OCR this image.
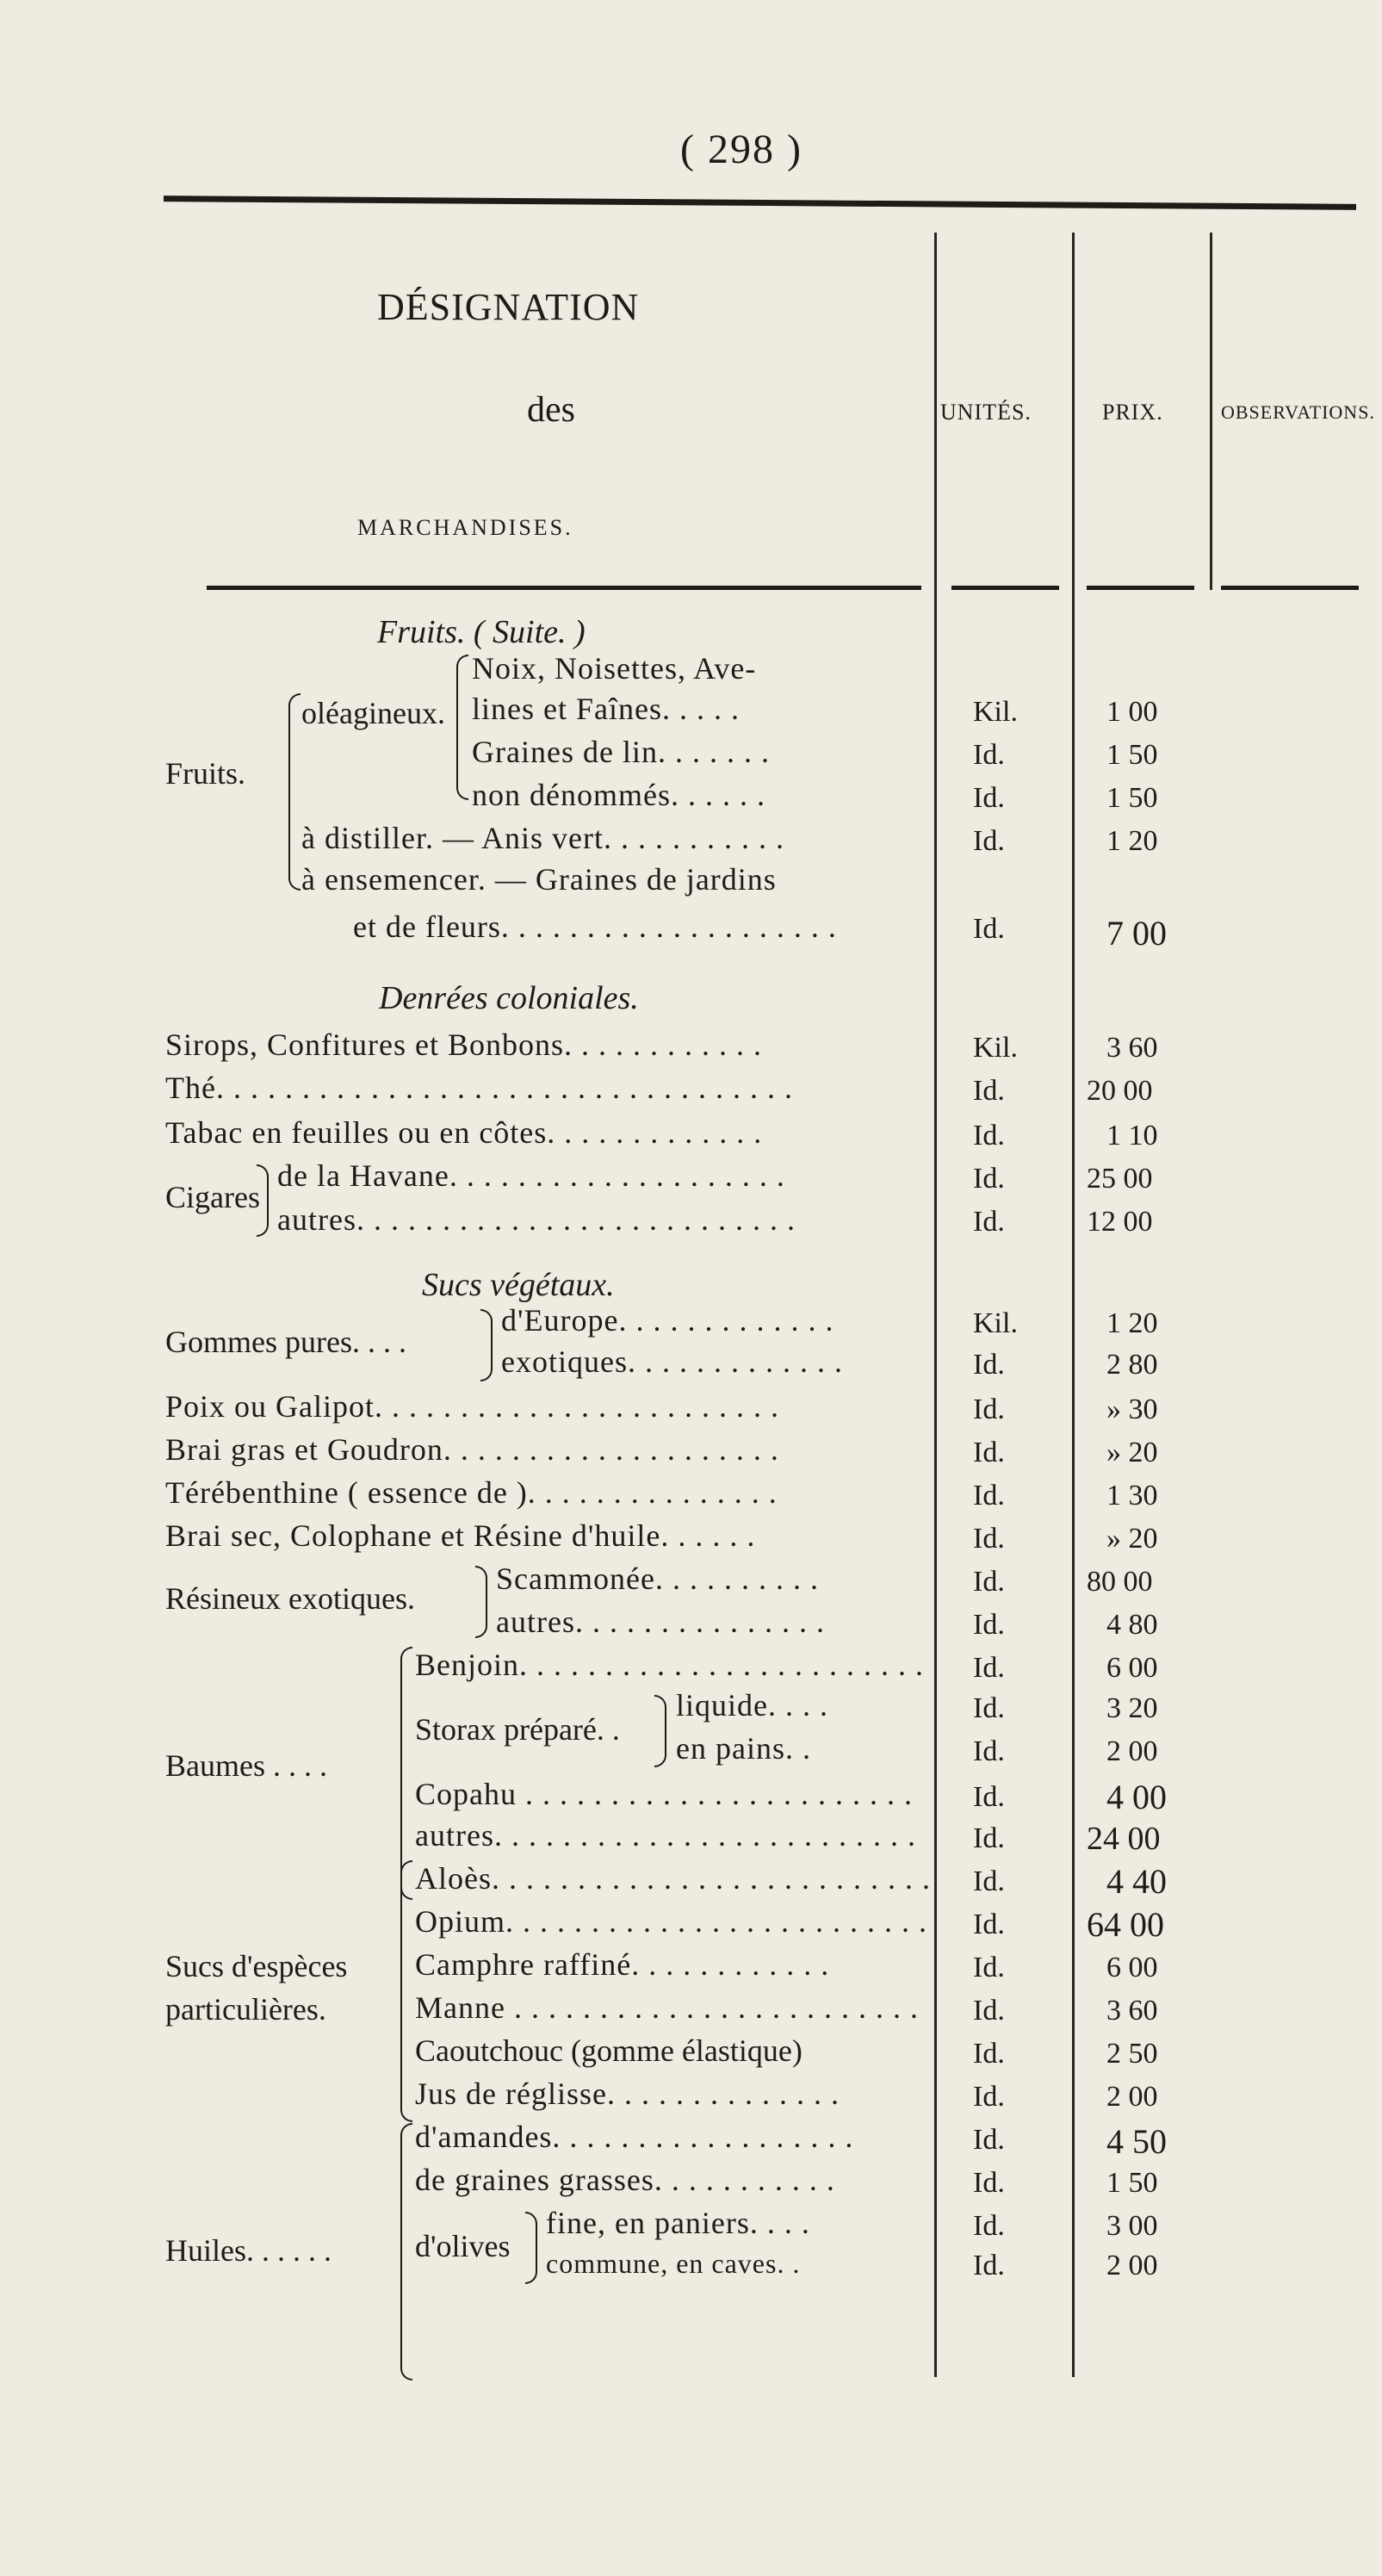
( 298 )
DÉSIGNATION
des
MARCHANDISES.
UNITÉS.	PRIX.	OBSERVATIONS.
Fruits. ( Suite. )
Fruits.
oléagineux.
Noix, Noisettes, Ave-
lines et Faînes. . . . .	Kil.	1 00
Graines de lin. . . . . . .	Id.	1 50
non dénommés. . . . . .	Id.	1 50
à distiller. — Anis vert. . . . . . . . . . .	Id.	1 20
à ensemencer. — Graines de jardins
et de fleurs. . . . . . . . . . . . . . . . . . . .	Id.	7 00
Denrées coloniales.
Sirops, Confitures et Bonbons. . . . . . . . . . . .	Kil.	3 60
Thé. . . . . . . . . . . . . . . . . . . . . . . . . . . . . . . . . .	Id.	20 00
Tabac en feuilles ou en côtes. . . . . . . . . . . . .	Id.	1 10
Cigares
de la Havane. . . . . . . . . . . . . . . . . . . .	Id.	25 00
autres. . . . . . . . . . . . . . . . . . . . . . . . . .	Id.	12 00
Sucs végétaux.
Gommes pures. . . .
d'Europe. . . . . . . . . . . . .	Kil.	1 20
exotiques. . . . . . . . . . . . .	Id.	2 80
Poix ou Galipot. . . . . . . . . . . . . . . . . . . . . . . .	Id.	» 30
Brai gras et Goudron. . . . . . . . . . . . . . . . . . . .	Id.	» 20
Térébenthine ( essence de ). . . . . . . . . . . . . . .	Id.	1 30
Brai sec, Colophane et Résine d'huile. . . . . .	Id.	» 20
Résineux exotiques.
Scammonée. . . . . . . . . .	Id.	80 00
autres. . . . . . . . . . . . . . .	Id.	4 80
Baumes . . . .
Benjoin. . . . . . . . . . . . . . . . . . . . . . . . Id.	6 00
Storax préparé. .
liquide. . . .	Id.	3 20
en pains. .	Id.	2 00
Copahu . . . . . . . . . . . . . . . . . . . . . . . Id.	4 00
autres. . . . . . . . . . . . . . . . . . . . . . . . . Id.	24 00
Sucs d'espèces
particulières.
Aloès. . . . . . . . . . . . . . . . . . . . . . . . . . Id.	4 40
Opium. . . . . . . . . . . . . . . . . . . . . . . . . Id.	64 00
Camphre raffiné. . . . . . . . . . . .	Id.	6 00
Manne . . . . . . . . . . . . . . . . . . . . . . . . Id.	3 60
Caoutchouc (gomme élastique)	Id.	2 50
Jus de réglisse. . . . . . . . . . . . . .	Id.	2 00
Huiles. . . . . .
d'amandes. . . . . . . . . . . . . . . . . .	Id.	4 50
de graines grasses. . . . . . . . . . .	Id.	1 50
d'olives
fine, en paniers. . . .	Id.	3 00
commune, en caves. .	Id.	2 00
